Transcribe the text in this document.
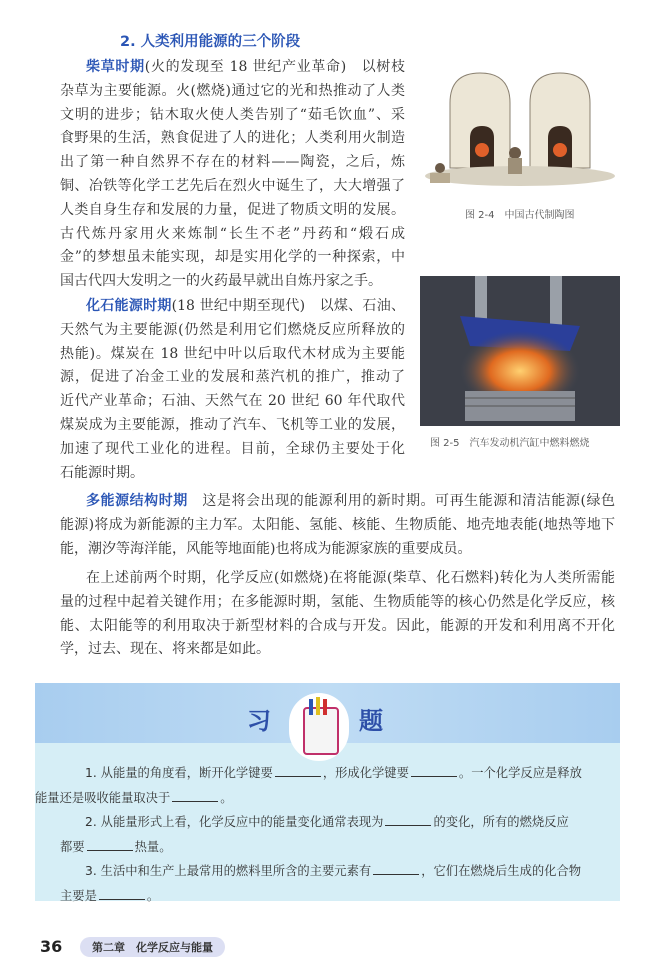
2. 人类利用能源的三个阶段
柴草时期(火的发现至 18 世纪产业革命)　以树枝
杂草为主要能源。火(燃烧)通过它的光和热推动了人类
文明的进步；钻木取火使人类告别了“茹毛饮血”、采
食野果的生活，熟食促进了人的进化；人类利用火制造
出了第一种自然界不存在的材料——陶瓷，之后，炼
铜、冶铁等化学工艺先后在烈火中诞生了，大大增强了
人类自身生存和发展的力量，促进了物质文明的发展。
古代炼丹家用火来炼制“长生不老”丹药和“煅石成
金”的梦想虽未能实现，却是实用化学的一种探索，中
国古代四大发明之一的火药最早就出自炼丹家之手。
化石能源时期(18 世纪中期至现代)　以煤、石油、
天然气为主要能源(仍然是利用它们燃烧反应所释放的
热能)。煤炭在 18 世纪中叶以后取代木材成为主要能
源，促进了冶金工业的发展和蒸汽机的推广，推动了
近代产业革命；石油、天然气在 20 世纪 60 年代取代
煤炭成为主要能源，推动了汽车、飞机等工业的发展，
加速了现代工业化的进程。目前，全球仍主要处于化
石能源时期。
多能源结构时期　这是将会出现的能源利用的新时期。可再生能源和清洁能源(绿色
能源)将成为新能源的主力军。太阳能、氢能、核能、生物质能、地壳地表能(地热等地下
能，潮汐等海洋能，风能等地面能)也将成为能源家族的重要成员。
在上述前两个时期，化学反应(如燃烧)在将能源(柴草、化石燃料)转化为人类所需能
量的过程中起着关键作用；在多能源时期，氢能、生物质能等的核心仍然是化学反应，核
能、太阳能等的利用取决于新型材料的合成与开发。因此，能源的开发和利用离不开化
学，过去、现在、将来都是如此。
图 2-4　中国古代制陶图
图 2-5　汽车发动机汽缸中燃料燃烧
习	题
1. 从能量的角度看，断开化学键要	，形成化学键要	。一个化学反应是释放
能量还是吸收能量取决于	。
2. 从能量形式上看，化学反应中的能量变化通常表现为	的变化，所有的燃烧反应
都要	热量。
3. 生活中和生产上最常用的燃料里所含的主要元素有	，它们在燃烧后生成的化合物
主要是	。
36	第二章　化学反应与能量
